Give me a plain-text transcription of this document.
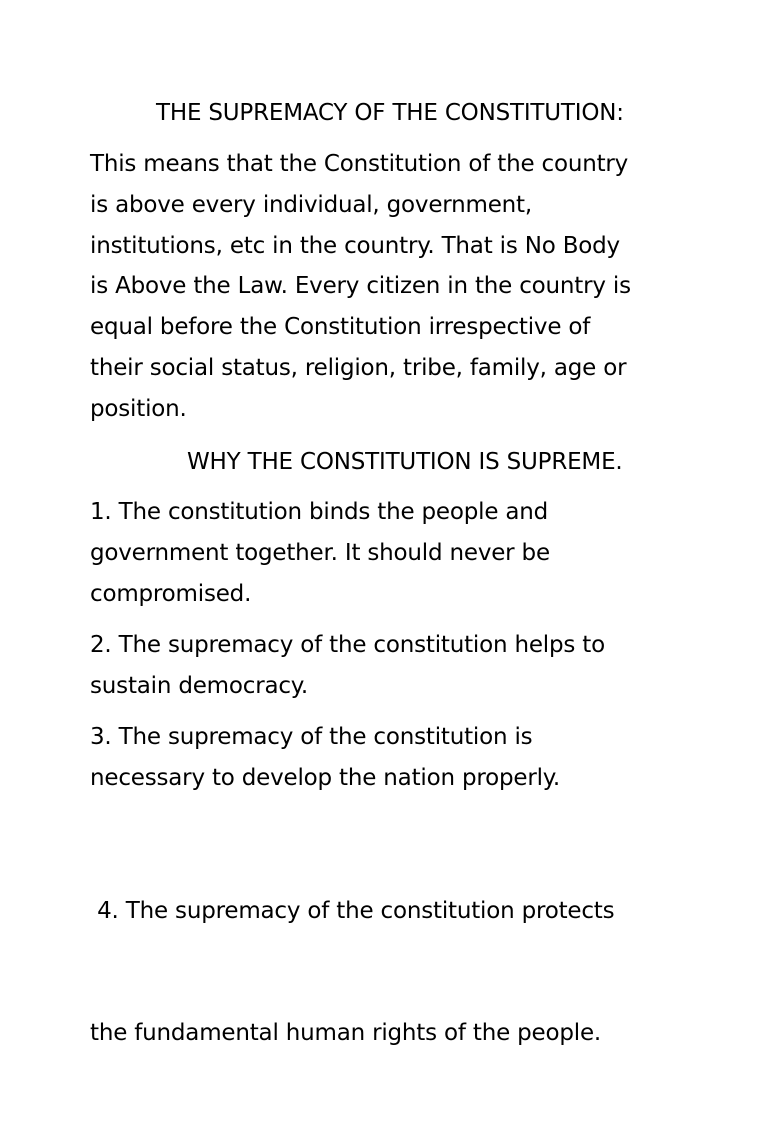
THE SUPREMACY OF THE CONSTITUTION:

This means that the Constitution of the country
is above every individual, government,
institutions, etc in the country. That is No Body
is Above the Law. Every citizen in the country is
equal before the Constitution irrespective of
their social status, religion, tribe, family, age or
position.

WHY THE CONSTITUTION IS SUPREME.

1. The constitution binds the people and
government together. It should never be
compromised.

2. The supremacy of the constitution helps to
sustain democracy.

3. The supremacy of the constitution is
necessary to develop the nation properly.

4. The supremacy of the constitution protects

the fundamental human rights of the people.
